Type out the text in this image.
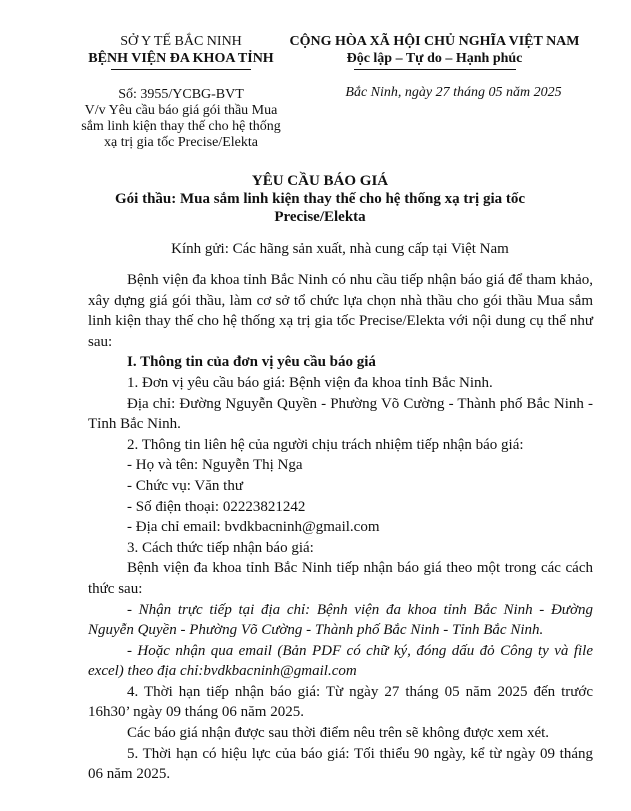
SỞ Y TẾ BẮC NINH
BỆNH VIỆN ĐA KHOA TỈNH
Số: 3955/YCBG-BVT
V/v Yêu cầu báo giá gói thầu Mua
sắm linh kiện thay thế cho hệ thống
xạ trị gia tốc Precise/Elekta
CỘNG HÒA XÃ HỘI CHỦ NGHĨA VIỆT NAM
Độc lập – Tự do – Hạnh phúc
Bắc Ninh, ngày 27 tháng 05 năm 2025
YÊU CẦU BÁO GIÁ
Gói thầu: Mua sắm linh kiện thay thế cho hệ thống xạ trị gia tốc
Precise/Elekta
Kính gửi: Các hãng sản xuất, nhà cung cấp tại Việt Nam

Bệnh viện đa khoa tỉnh Bắc Ninh có nhu cầu tiếp nhận báo giá để tham khảo, xây dựng giá gói thầu, làm cơ sở tổ chức lựa chọn nhà thầu cho gói thầu Mua sắm linh kiện thay thế cho hệ thống xạ trị gia tốc Precise/Elekta với nội dung cụ thể như sau:

I. Thông tin của đơn vị yêu cầu báo giá

1. Đơn vị yêu cầu báo giá: Bệnh viện đa khoa tỉnh Bắc Ninh.

Địa chỉ: Đường Nguyễn Quyền - Phường Võ Cường - Thành phố Bắc Ninh - Tỉnh Bắc Ninh.

2. Thông tin liên hệ của người chịu trách nhiệm tiếp nhận báo giá:

- Họ và tên: Nguyễn Thị Nga

- Chức vụ: Văn thư

- Số điện thoại: 02223821242

- Địa chỉ email: bvdkbacninh@gmail.com

3. Cách thức tiếp nhận báo giá:

Bệnh viện đa khoa tỉnh Bắc Ninh tiếp nhận báo giá theo một trong các cách thức sau:

- Nhận trực tiếp tại địa chỉ: Bệnh viện đa khoa tỉnh Bắc Ninh - Đường Nguyễn Quyền - Phường Võ Cường - Thành phố Bắc Ninh - Tỉnh Bắc Ninh.

- Hoặc nhận qua email (Bản PDF có chữ ký, đóng dấu đỏ Công ty và file excel) theo địa chỉ:bvdkbacninh@gmail.com

4. Thời hạn tiếp nhận báo giá: Từ ngày 27 tháng 05 năm 2025 đến trước 16h30’ ngày 09 tháng 06 năm 2025.

Các báo giá nhận được sau thời điểm nêu trên sẽ không được xem xét.

5. Thời hạn có hiệu lực của báo giá: Tối thiểu 90 ngày, kể từ ngày 09 tháng 06 năm 2025.
